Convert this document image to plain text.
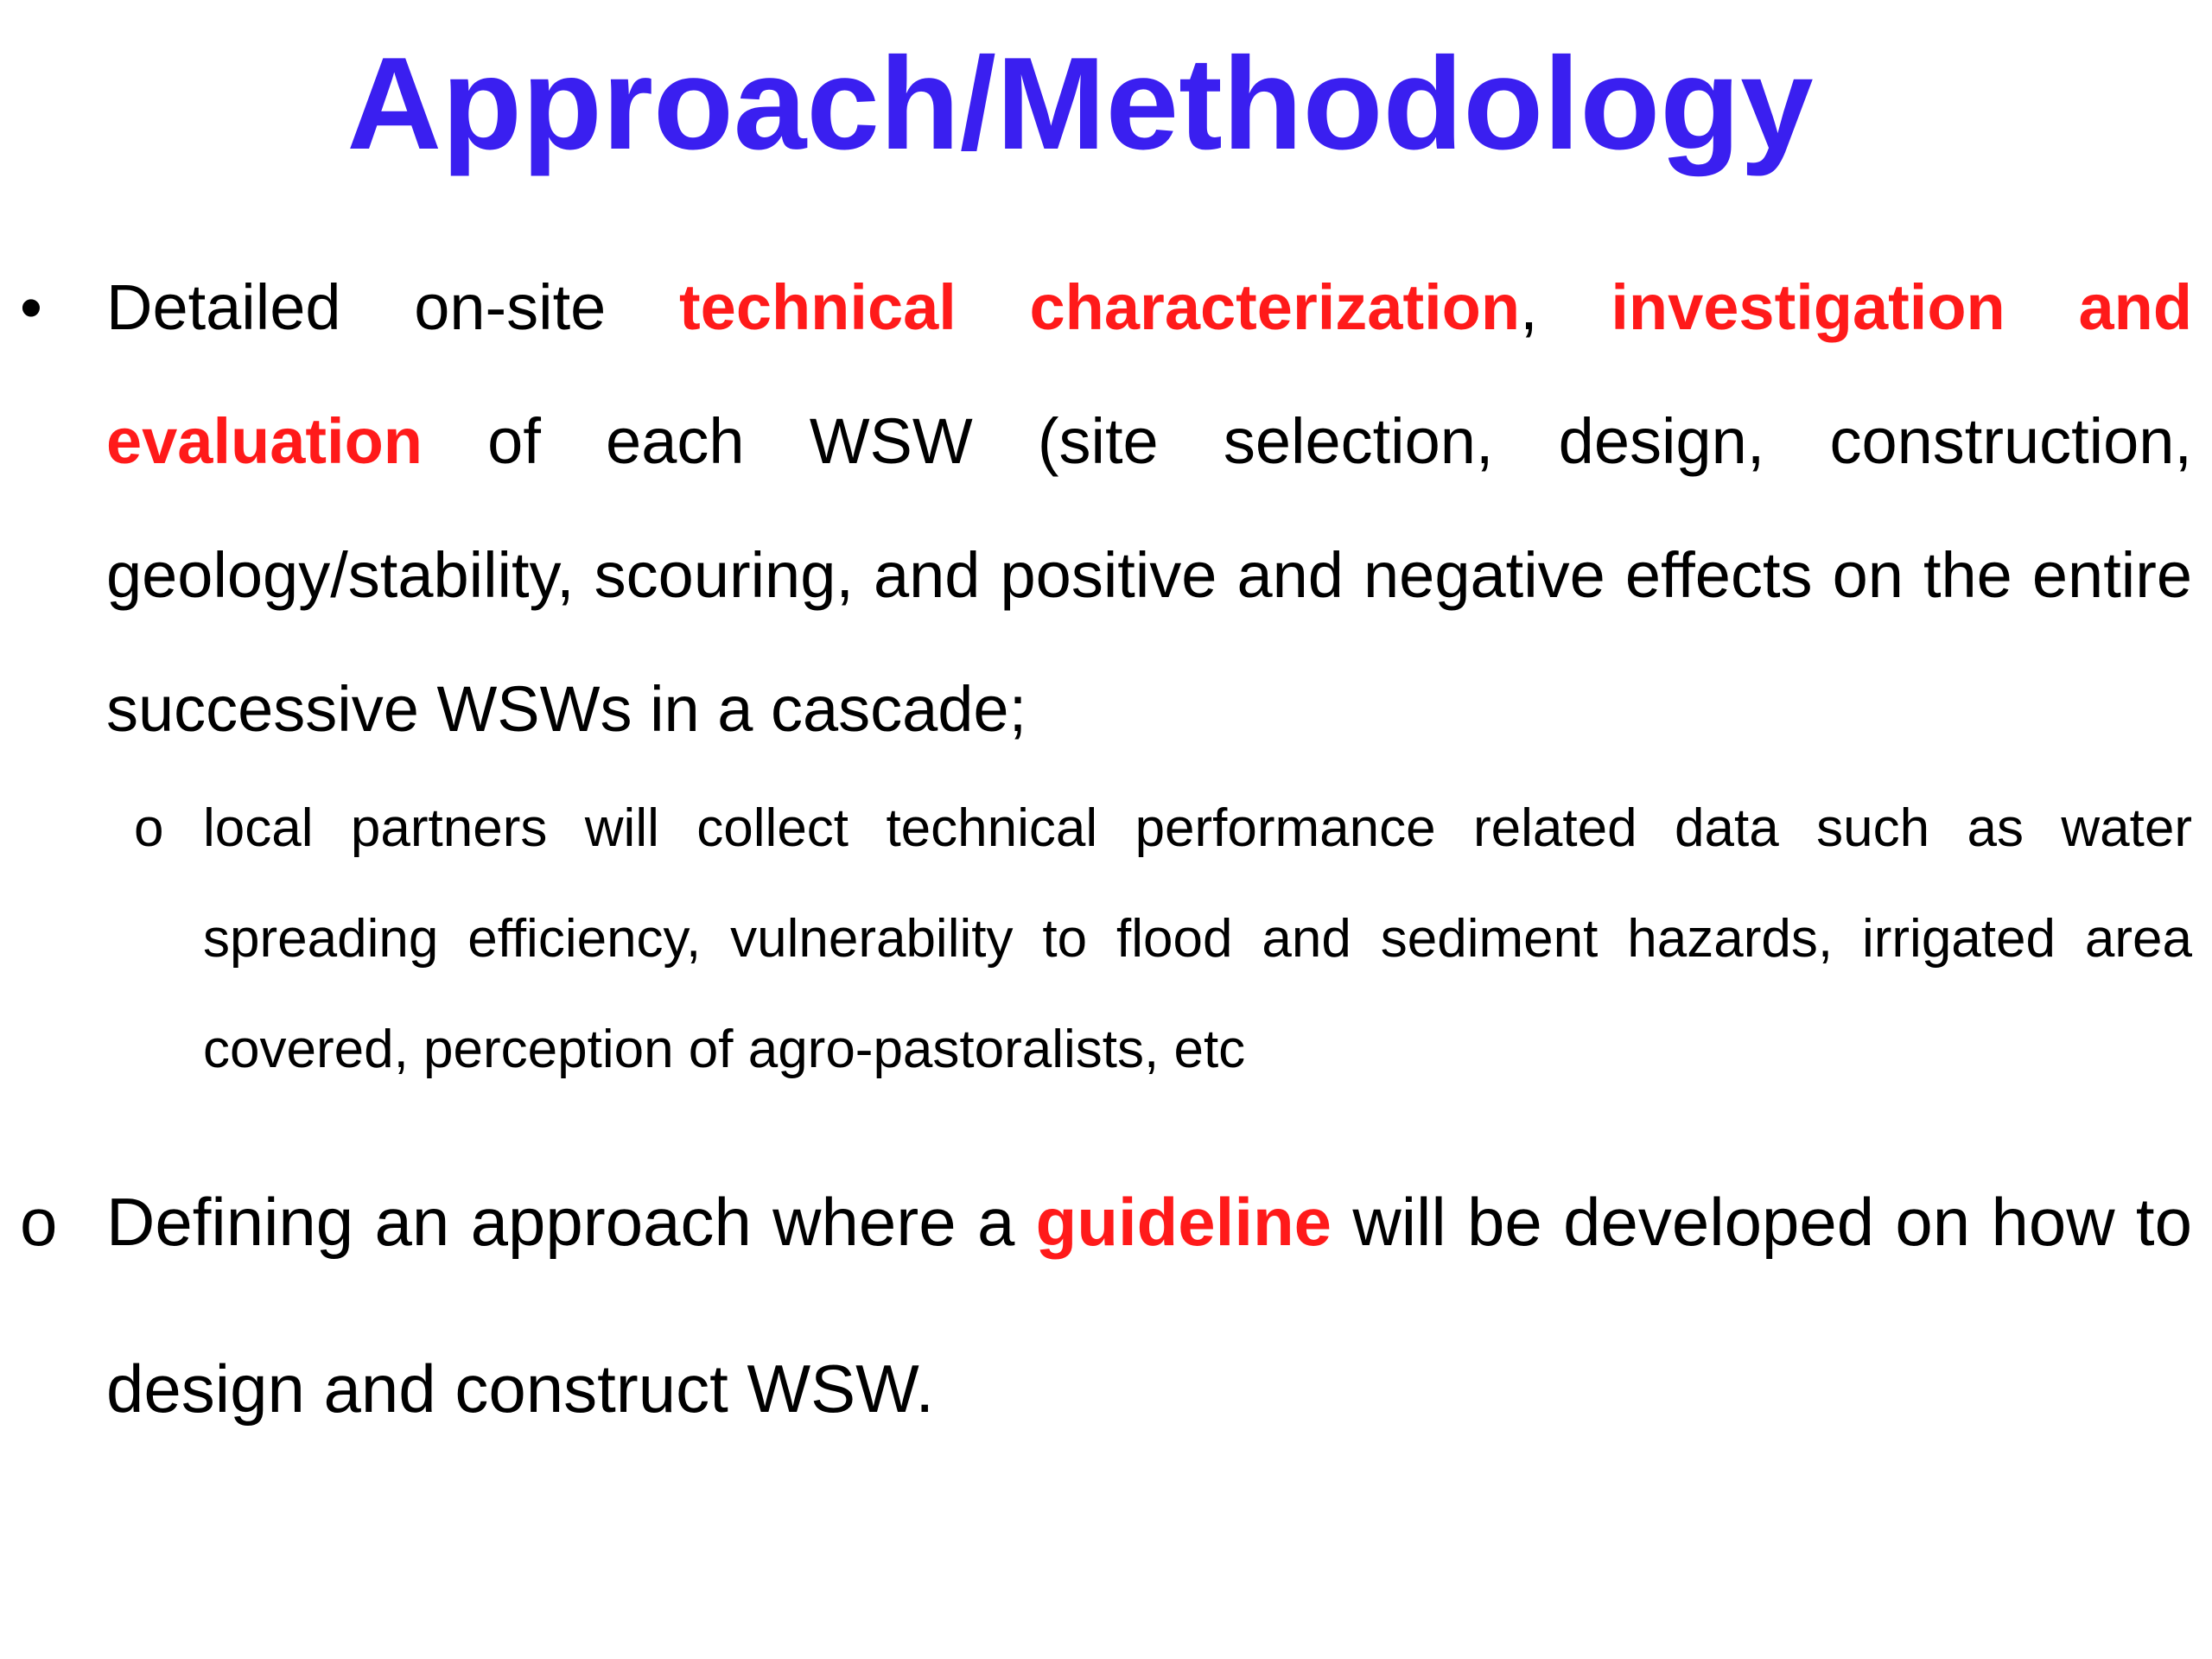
Approach/Methodology
• Detailed on-site technical characterization, investigation and evaluation of each WSW (site selection, design, construction, geology/stability, scouring, and positive and negative effects on the entire successive WSWs in a cascade;
o local partners will collect technical performance related data such as water spreading efficiency, vulnerability to flood and sediment hazards, irrigated area covered, perception of agro-pastoralists, etc
o Defining an approach where a guideline will be developed on how to design and construct WSW.
